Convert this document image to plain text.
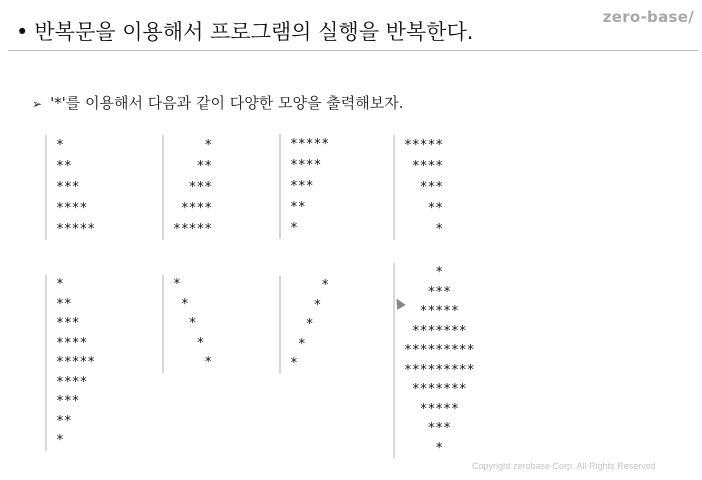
• 반복문을 이용해서 프로그램의 실행을 반복한다.
zero-base/
➢ '*'를 이용해서 다음과 같이 다양한 모양을 출력해보자.
*
**
***
****
*****
*
**
***
****
*****
*****
****
***
**
*
*****
****
***
**
*
*
**
***
****
*****
****
***
**
*
*
*
*
*
*
*
*
*
*
*
*
***
*****
*******
*********
*********
*******
*****
***
*
Copyright zerobase Corp. All Rights Reserved
